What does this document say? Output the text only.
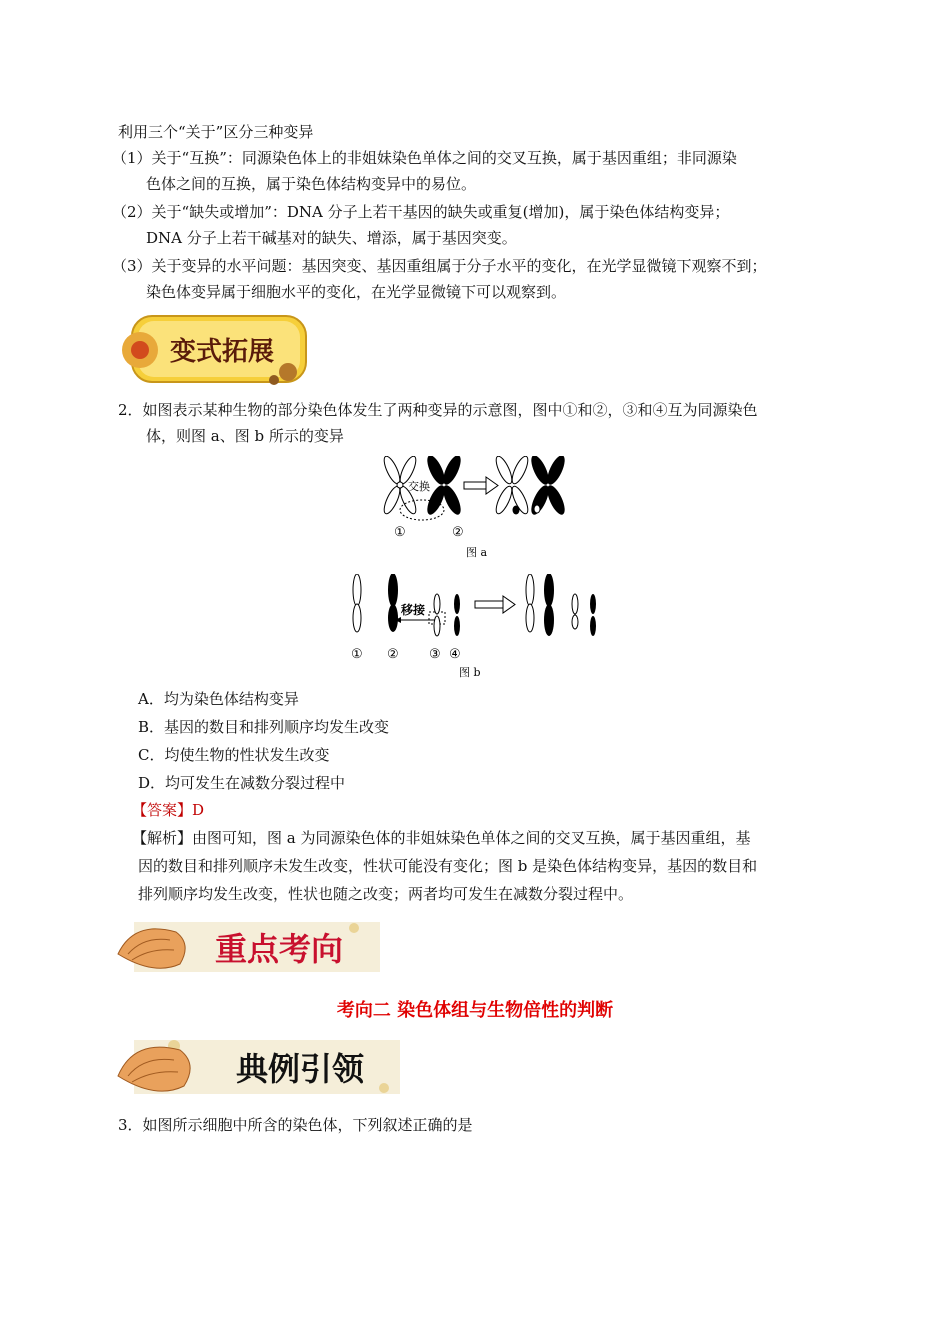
利用三个“关于”区分三种变异
（1）关于“互换”：同源染色体上的非姐妹染色单体之间的交叉互换，属于基因重组；非同源染
色体之间的互换，属于染色体结构变异中的易位。
（2）关于“缺失或增加”：DNA 分子上若干基因的缺失或重复(增加)，属于染色体结构变异；
DNA 分子上若干碱基对的缺失、增添，属于基因突变。
（3）关于变异的水平问题：基因突变、基因重组属于分子水平的变化，在光学显微镜下观察不到；
染色体变异属于细胞水平的变化，在光学显微镜下可以观察到。
变式拓展
2．如图表示某种生物的部分染色体发生了两种变异的示意图，图中①和②，③和④互为同源染色
体，则图 a、图 b 所示的变异
交换
①	②
图 a
移接
① ② ③ ④
图 b
A．均为染色体结构变异
B．基因的数目和排列顺序均发生改变
C．均使生物的性状发生改变
D．均可发生在减数分裂过程中
【答案】D
【解析】由图可知，图 a 为同源染色体的非姐妹染色单体之间的交叉互换，属于基因重组，基
因的数目和排列顺序未发生改变，性状可能没有变化；图 b 是染色体结构变异，基因的数目和
排列顺序均发生改变，性状也随之改变；两者均可发生在减数分裂过程中。
重点考向
考向二 染色体组与生物倍性的判断
典例引领
3．如图所示细胞中所含的染色体，下列叙述正确的是
